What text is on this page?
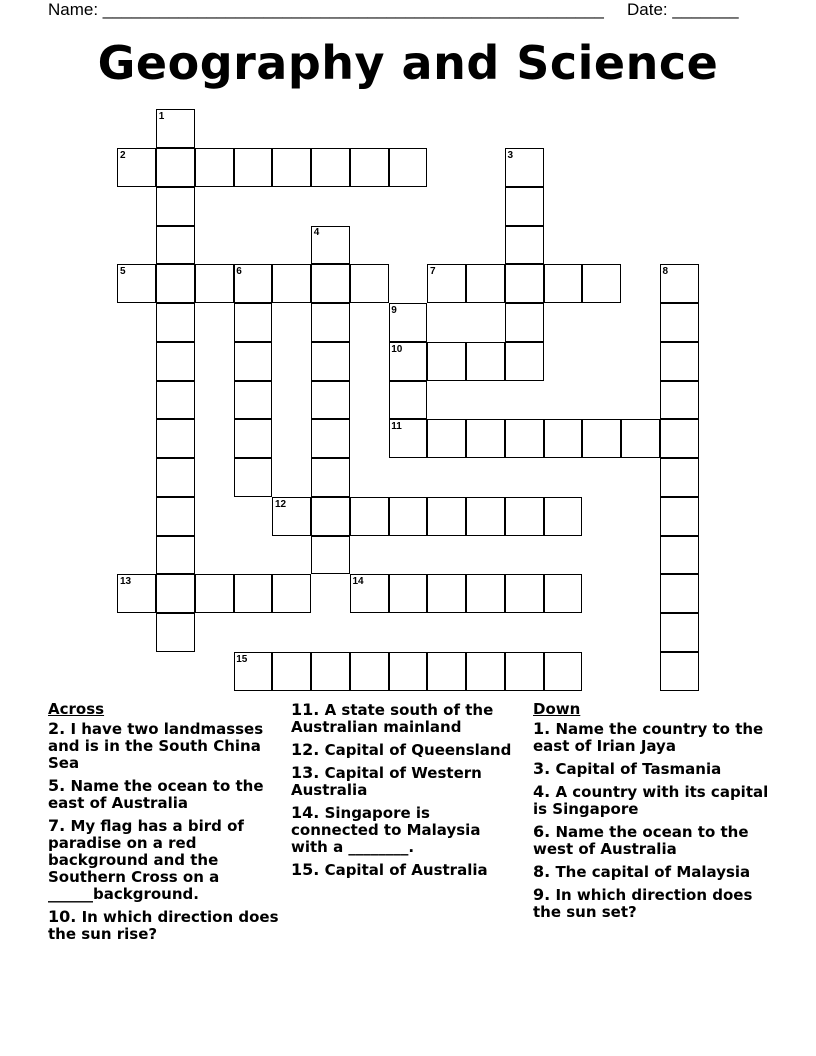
Name: _____________________________________________________ Date: _______
Geography and Science
1
2	3
4
5	6	7	8
9
10
11
12
13	14
15
Across
2. I have two landmasses and is in the South China Sea
5. Name the ocean to the east of Australia
7. My flag has a bird of paradise on a red background and the Southern Cross on a ______background.
10. In which direction does the sun rise?
11. A state south of the Australian mainland
12. Capital of Queensland
13. Capital of Western Australia
14. Singapore is connected to Malaysia with a ________.
15. Capital of Australia
Down
1. Name the country to the east of Irian Jaya
3. Capital of Tasmania
4. A country with its capital is Singapore
6. Name the ocean to the west of Australia
8. The capital of Malaysia
9. In which direction does the sun set?
